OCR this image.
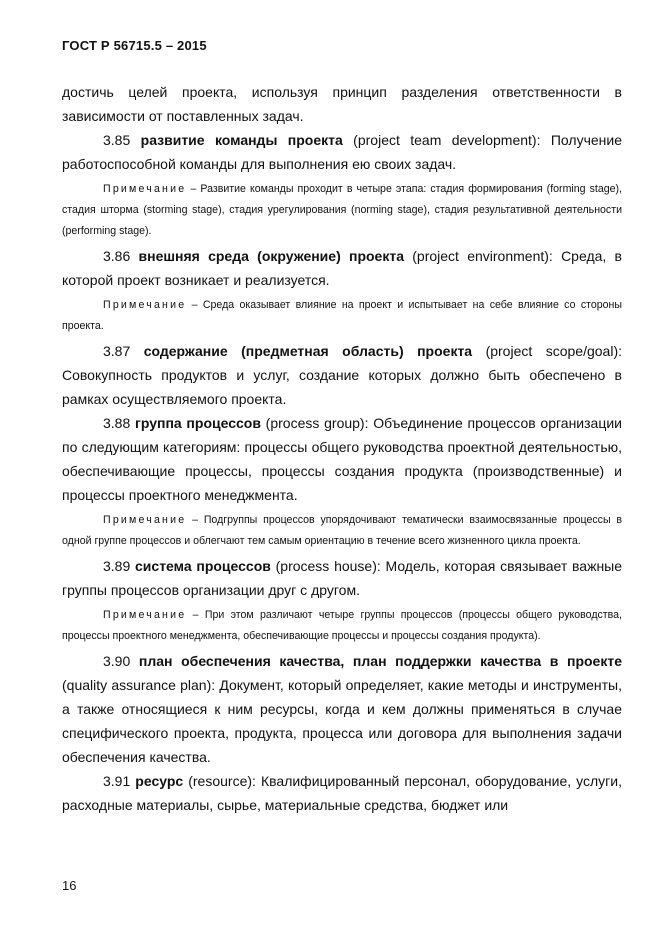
ГОСТ Р 56715.5 – 2015

достичь целей проекта, используя принцип разделения ответственности в зависимости от поставленных задач.

3.85 развитие команды проекта (project team development): Получение работоспособной команды для выполнения ею своих задач.

Примечание – Развитие команды проходит в четыре этапа: стадия формирования (forming stage), стадия шторма (storming stage), стадия урегулирования (norming stage), стадия результативной деятельности (performing stage).

3.86 внешняя среда (окружение) проекта (project environment): Среда, в которой проект возникает и реализуется.

Примечание – Среда оказывает влияние на проект и испытывает на себе влияние со стороны проекта.

3.87 содержание (предметная область) проекта (project scope/goal): Совокупность продуктов и услуг, создание которых должно быть обеспечено в рамках осуществляемого проекта.

3.88 группа процессов (process group): Объединение процессов организации по следующим категориям: процессы общего руководства проектной деятельностью, обеспечивающие процессы, процессы создания продукта (производственные) и процессы проектного менеджмента.

Примечание – Подгруппы процессов упорядочивают тематически взаимосвязанные процессы в одной группе процессов и облегчают тем самым ориентацию в течение всего жизненного цикла проекта.

3.89 система процессов (process house): Модель, которая связывает важные группы процессов организации друг с другом.

Примечание – При этом различают четыре группы процессов (процессы общего руководства, процессы проектного менеджмента, обеспечивающие процессы и процессы создания продукта).

3.90 план обеспечения качества, план поддержки качества в проекте (quality assurance plan): Документ, который определяет, какие методы и инструменты, а также относящиеся к ним ресурсы, когда и кем должны применяться в случае специфического проекта, продукта, процесса или договора для выполнения задачи обеспечения качества.

3.91 ресурс (resource): Квалифицированный персонал, оборудование, услуги, расходные материалы, сырье, материальные средства, бюджет или

16
